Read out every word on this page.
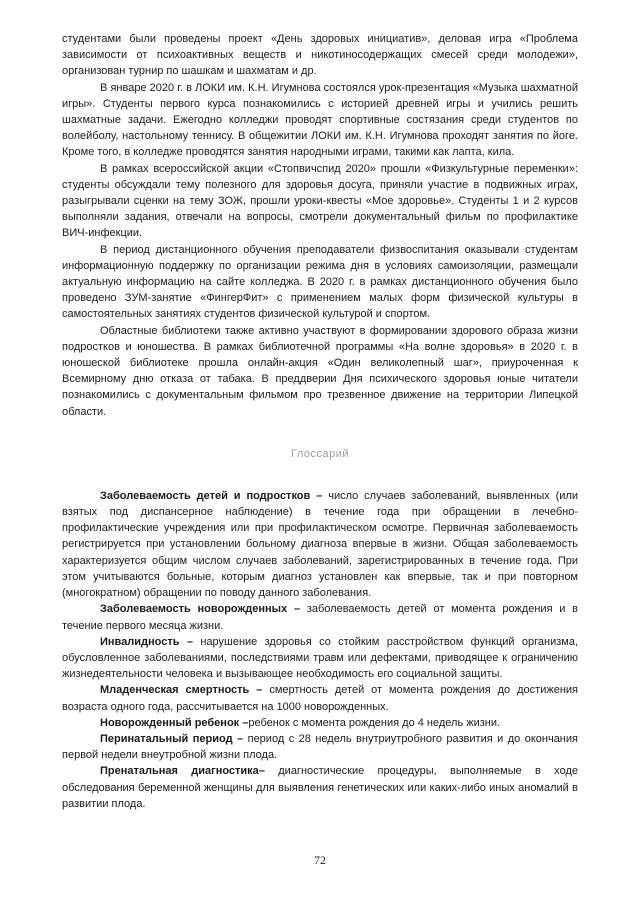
студентами были проведены проект «День здоровых инициатив», деловая игра «Проблема зависимости от психоактивных веществ и никотиносодержащих смесей среди молодежи», организован турнир по шашкам и шахматам и др.

В январе 2020 г. в ЛОКИ им. К.Н. Игумнова состоялся урок-презентация «Музыка шахматной игры». Студенты первого курса познакомились с историей древней игры и учились решить шахматные задачи. Ежегодно колледжи проводят спортивные состязания среди студентов по волейболу, настольному теннису. В общежитии ЛОКИ им. К.Н. Игумнова проходят занятия по йоге. Кроме того, в колледже проводятся занятия народными играми, такими как лапта, кила.

В рамках всероссийской акции «Стопвичспид 2020» прошли «Физкультурные переменки»: студенты обсуждали тему полезного для здоровья досуга, приняли участие в подвижных играх, разыгрывали сценки на тему ЗОЖ, прошли уроки-квесты «Мое здоровье». Студенты 1 и 2 курсов выполняли задания, отвечали на вопросы, смотрели документальный фильм по профилактике ВИЧ-инфекции.

В период дистанционного обучения преподаватели физвоспитания оказывали студентам информационную поддержку по организации режима дня в условиях самоизоляции, размещали актуальную информацию на сайте колледжа. В 2020 г. в рамках дистанционного обучения было проведено ЗУМ-занятие «ФингерФит» с применением малых форм физической культуры в самостоятельных занятиях студентов физической культурой и спортом.

Областные библиотеки также активно участвуют в формировании здорового образа жизни подростков и юношества. В рамках библиотечной программы «На волне здоровья» в 2020 г. в юношеской библиотеке прошла онлайн-акция «Один великолепный шаг», приуроченная к Всемирному дню отказа от табака. В преддверии Дня психического здоровья юные читатели познакомились с документальным фильмом про трезвенное движение на территории Липецкой области.

Глоссарий

Заболеваемость детей и подростков – число случаев заболеваний, выявленных (или взятых под диспансерное наблюдение) в течение года при обращении в лечебно-профилактические учреждения или при профилактическом осмотре. Первичная заболеваемость регистрируется при установлении больному диагноза впервые в жизни. Общая заболеваемость характеризуется общим числом случаев заболеваний, зарегистрированных в течение года. При этом учитываются больные, которым диагноз установлен как впервые, так и при повторном (многократном) обращении по поводу данного заболевания.

Заболеваемость новорожденных – заболеваемость детей от момента рождения и в течение первого месяца жизни.

Инвалидность – нарушение здоровья со стойким расстройством функций организма, обусловленное заболеваниями, последствиями травм или дефектами, приводящее к ограничению жизнедеятельности человека и вызывающее необходимость его социальной защиты.

Младенческая смертность – смертность детей от момента рождения до достижения возраста одного года, рассчитывается на 1000 новорожденных.

Новорожденный ребенок –ребенок с момента рождения до 4 недель жизни.

Перинатальный период – период с 28 недель внутриутробного развития и до окончания первой недели внеутробной жизни плода.

Пренатальная диагностика– диагностические процедуры, выполняемые в ходе обследования беременной женщины для выявления генетических или каких-либо иных аномалий в развитии плода.

72
